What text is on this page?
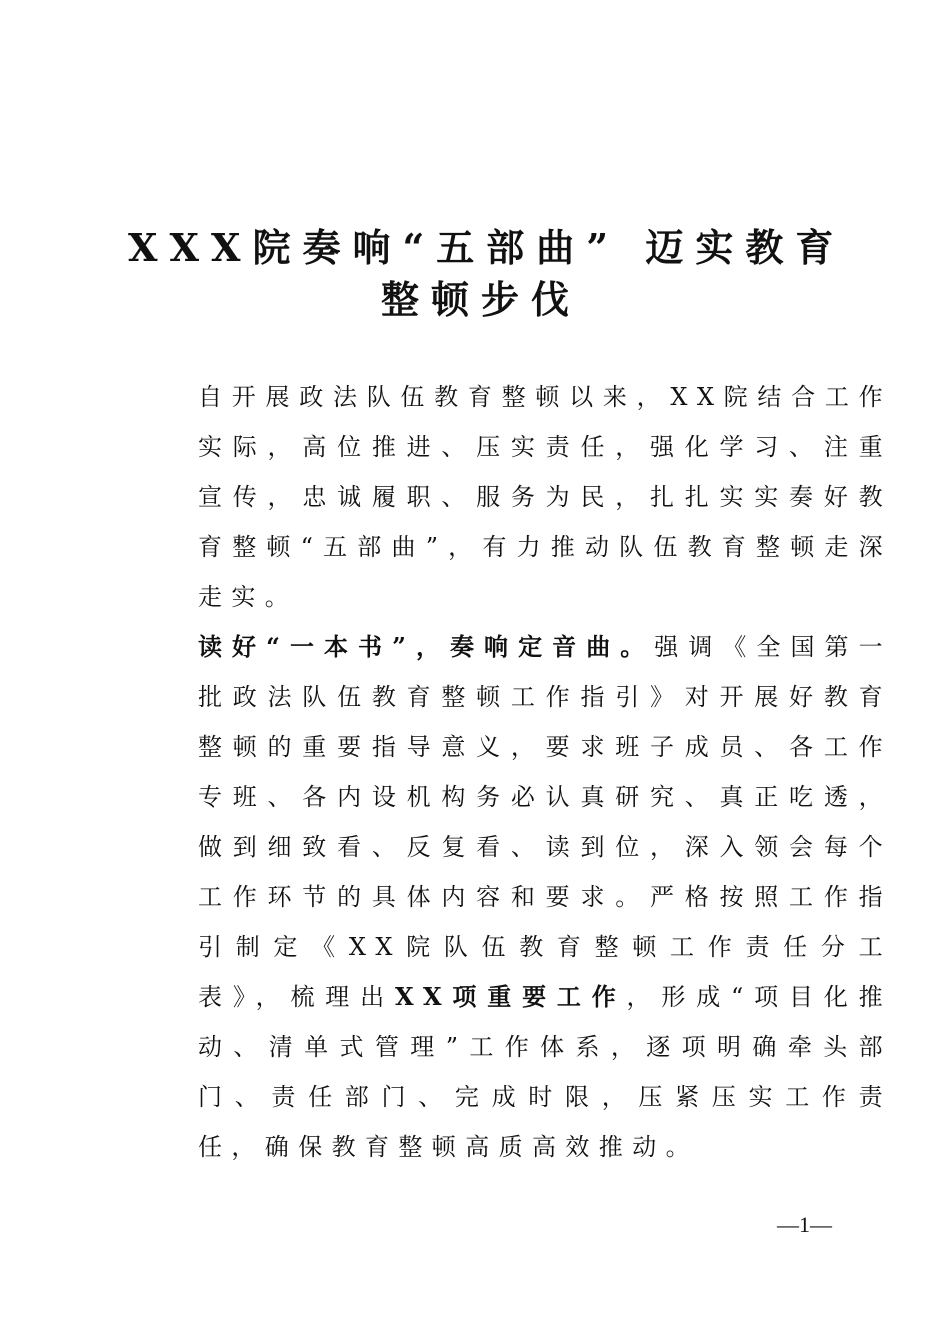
XXX院奏响“五部曲” 迈实教育
整顿步伐
自开展政法队伍教育整顿以来，XX院结合工作实际，高位推进、压实责任，强化学习、注重宣传，忠诚履职、服务为民，扎扎实实奏好教育整顿“五部曲”，有力推动队伍教育整顿走深走实。
读好“一本书”，奏响定音曲。强调《全国第一批政法队伍教育整顿工作指引》对开展好教育整顿的重要指导意义，要求班子成员、各工作专班、各内设机构务必认真研究、真正吃透，做到细致看、反复看、读到位，深入领会每个工作环节的具体内容和要求。严格按照工作指引制定《XX院队伍教育整顿工作责任分工表》，梳理出XX项重要工作，形成“项目化推动、清单式管理”工作体系，逐项明确牵头部门、责任部门、完成时限，压紧压实工作责任，确保教育整顿高质高效推动。
—1—
